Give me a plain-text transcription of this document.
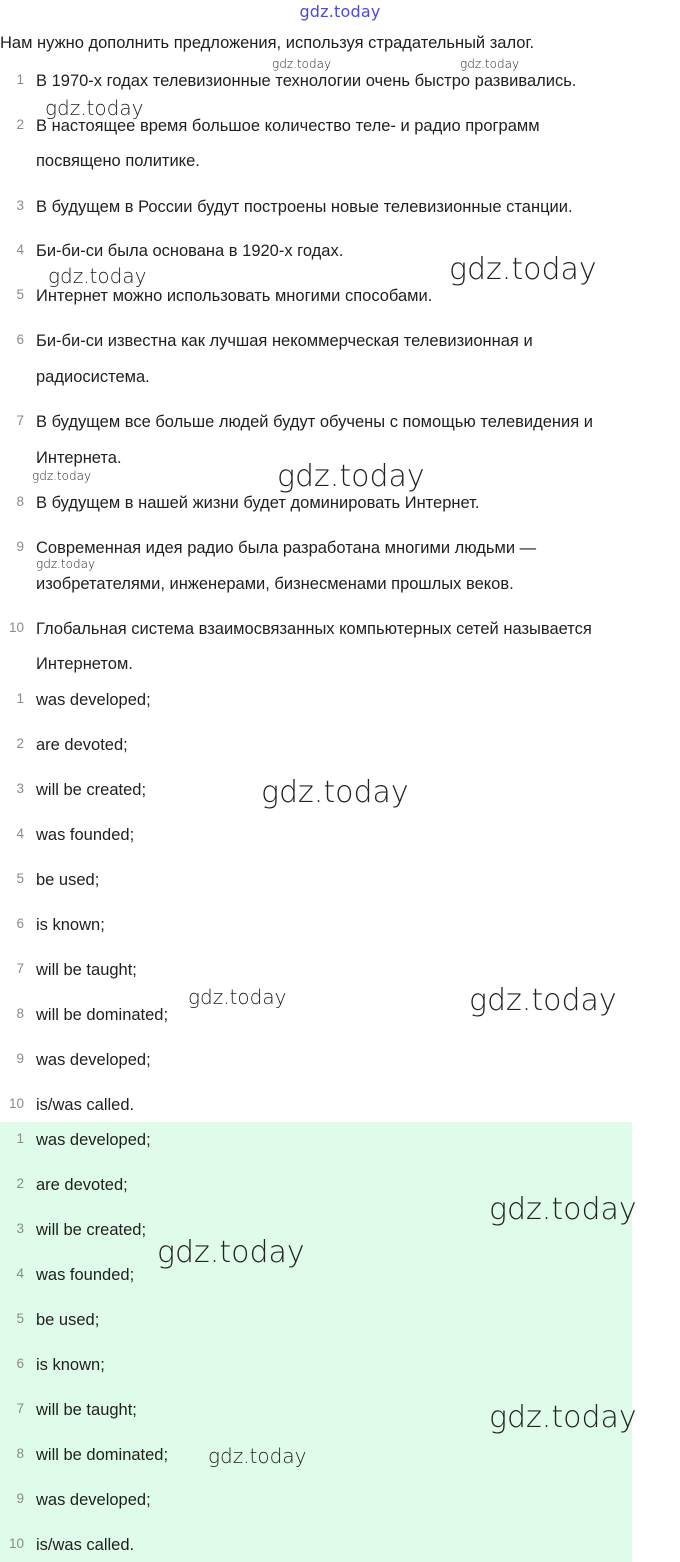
gdz.today
Нам нужно дополнить предложения, используя страдательный залог.
1 В 1970-х годах телевизионные технологии очень быстро развивались.
2 В настоящее время большое количество теле- и радио программ
посвящено политике.
3 В будущем в России будут построены новые телевизионные станции.
4 Би-би-си была основана в 1920-х годах.
5 Интернет можно использовать многими способами.
6 Би-би-си известна как лучшая некоммерческая телевизионная и
радиосистема.
7 В будущем все больше людей будут обучены с помощью телевидения и
Интернета.
8 В будущем в нашей жизни будет доминировать Интернет.
9 Современная идея радио была разработана многими людьми —
изобретателями, инженерами, бизнесменами прошлых веков.
10 Глобальная система взаимосвязанных компьютерных сетей называется
Интернетом.
1 was developed;
2 are devoted;
3 will be created;
4 was founded;
5 be used;
6 is known;
7 will be taught;
8 will be dominated;
9 was developed;
10 is/was called.
1 was developed;
2 are devoted;
3 will be created;
4 was founded;
5 be used;
6 is known;
7 will be taught;
8 will be dominated;
9 was developed;
10 is/was called.
gdz.today	gdz.today
gdz.today
gdz.today	gdz.today
gdz.today	gdz.today
gdz.today
gdz.today
gdz.today	gdz.today
gdz.today
gdz.today
gdz.today
gdz.today
